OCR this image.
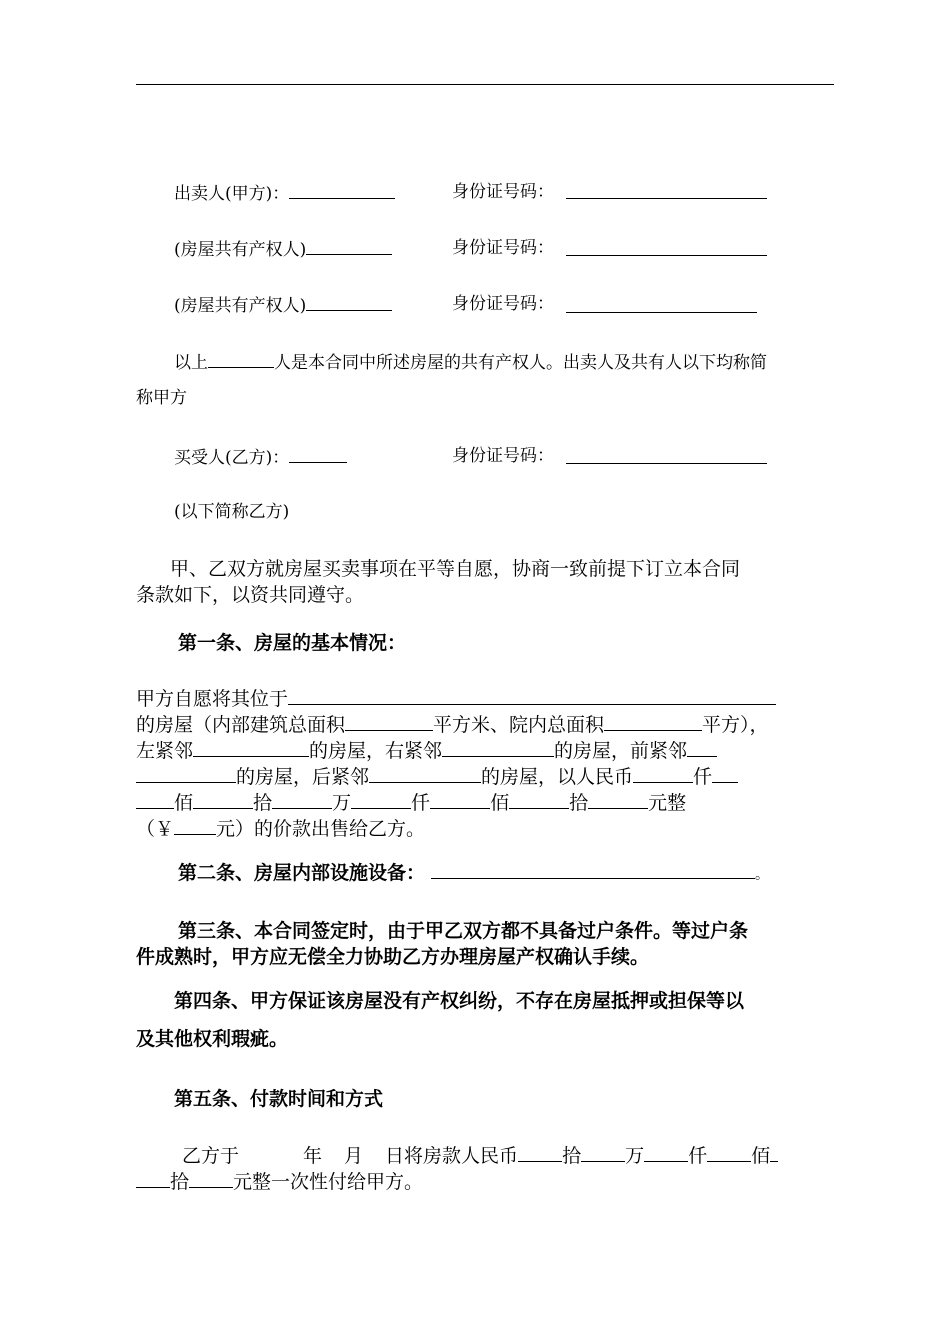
出卖人(甲方)：	身份证号码：
(房屋共有产权人)	身份证号码：
(房屋共有产权人)	身份证号码：
以上	人是本合同中所述房屋的共有产权人。出卖人及共有人以下均称简
称甲方
买受人(乙方)：	身份证号码：
(以下简称乙方)
甲、乙双方就房屋买卖事项在平等自愿，协商一致前提下订立本合同
条款如下，以资共同遵守。
第一条、房屋的基本情况：
甲方自愿将其位于
的房屋（内部建筑总面积	平方米、院内总面积	平方），
左紧邻	的房屋，右紧邻	的房屋，前紧邻
的房屋，后紧邻	的房屋，以人民币	仟
佰	拾	万	仟	佰	拾	元整
（￥ 元）的价款出售给乙方。
第二条、房屋内部设施设备：	。
第三条、本合同签定时，由于甲乙双方都不具备过户条件。等过户条
件成熟时，甲方应无偿全力协助乙方办理房屋产权确认手续。
第四条、甲方保证该房屋没有产权纠纷，不存在房屋抵押或担保等以
及其他权利瑕疵。
第五条、付款时间和方式
乙方于	年 月 日将房款人民币 拾 万 仟 佰
拾 元整一次性付给甲方。
